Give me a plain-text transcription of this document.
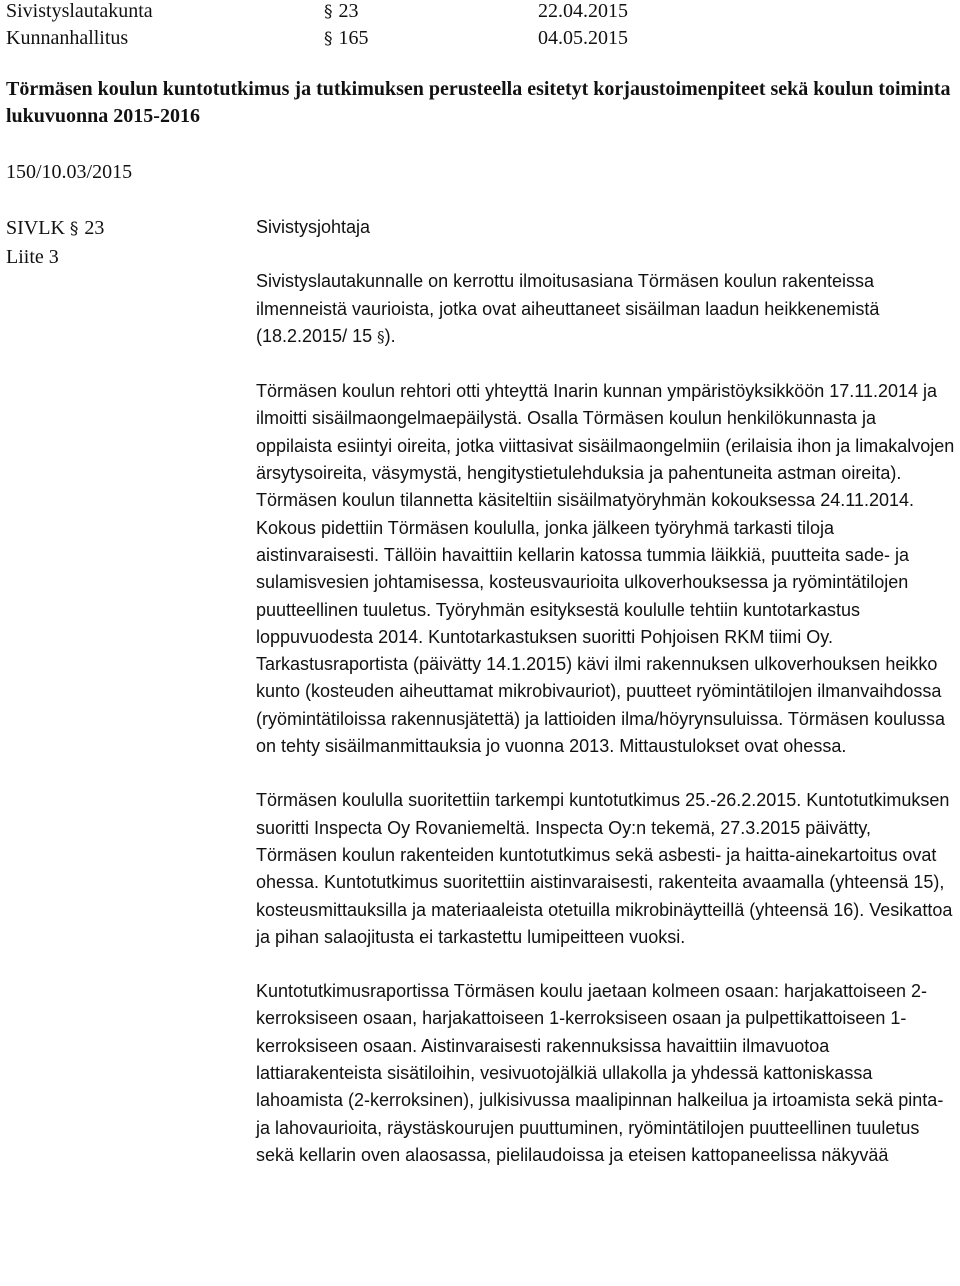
Sivistyslautakunta	§ 23	22.04.2015
Kunnanhallitus	§ 165	04.05.2015
Törmäsen koulun kuntotutkimus ja tutkimuksen perusteella esitetyt korjaustoimenpiteet sekä koulun toiminta lukuvuonna 2015-2016
150/10.03/2015
SIVLK § 23
Liite 3

Sivistysjohtaja

Sivistyslautakunnalle on kerrottu ilmoitusasiana Törmäsen koulun rakenteissa ilmenneistä vaurioista, jotka ovat aiheuttaneet sisäilman laadun heikkenemistä (18.2.2015/ 15 §).

Törmäsen koulun rehtori otti yhteyttä Inarin kunnan ympäristöyksikköön 17.11.2014 ja ilmoitti sisäilmaongelmaepäilystä. Osalla Törmäsen koulun henkilökunnasta ja oppilaista esiintyi oireita, jotka viittasivat sisäilmaongelmiin (erilaisia ihon ja limakalvojen ärsytysoireita, väsymystä, hengitystietulehduksia ja pahentuneita astman oireita). Törmäsen koulun tilannetta käsiteltiin sisäilmatyöryhmän kokouksessa 24.11.2014. Kokous pidettiin Törmäsen koululla, jonka jälkeen työryhmä tarkasti tiloja aistinvaraisesti. Tällöin havaittiin kellarin katossa tummia läikkiä, puutteita sade- ja sulamisvesien johtamisessa, kosteusvaurioita ulkoverhouksessa ja ryömintätilojen puutteellinen tuuletus. Työryhmän esityksestä koululle tehtiin kuntotarkastus loppuvuodesta 2014. Kuntotarkastuksen suoritti Pohjoisen RKM tiimi Oy. Tarkastusraportista (päivätty 14.1.2015) kävi ilmi rakennuksen ulkoverhouksen heikko kunto (kosteuden aiheuttamat mikrobivauriot), puutteet ryömintätilojen ilmanvaihdossa (ryömintätiloissa rakennusjätettä) ja lattioiden ilma/höyrynsuluissa. Törmäsen koulussa on tehty sisäilmanmittauksia jo vuonna 2013. Mittaustulokset ovat ohessa.

Törmäsen koululla suoritettiin tarkempi kuntotutkimus 25.-26.2.2015. Kuntotutkimuksen suoritti Inspecta Oy Rovaniemeltä. Inspecta Oy:n tekemä, 27.3.2015 päivätty, Törmäsen koulun rakenteiden kuntotutkimus sekä asbesti- ja haitta-ainekartoitus ovat ohessa. Kuntotutkimus suoritettiin aistinvaraisesti, rakenteita avaamalla (yhteensä 15), kosteusmittauksilla ja materiaaleista otetuilla mikrobinäytteillä (yhteensä 16). Vesikattoa ja pihan salaojitusta ei tarkastettu lumipeitteen vuoksi.

Kuntotutkimusraportissa Törmäsen koulu jaetaan kolmeen osaan: harjakattoiseen 2-kerroksiseen osaan, harjakattoiseen 1-kerroksiseen osaan ja pulpettikattoiseen 1-kerroksiseen osaan. Aistinvaraisesti rakennuksissa havaittiin ilmavuotoa lattiarakenteista sisätiloihin, vesivuotojälkiä ullakolla ja yhdessä kattoniskassa lahoamista (2-kerroksinen), julkisivussa maalipinnan halkeilua ja irtoamista sekä pinta- ja lahovaurioita, räystäskourujen puuttuminen, ryömintätilojen puutteellinen tuuletus sekä kellarin oven alaosassa, pielilaudoissa ja eteisen kattopaneelissa näkyvää
